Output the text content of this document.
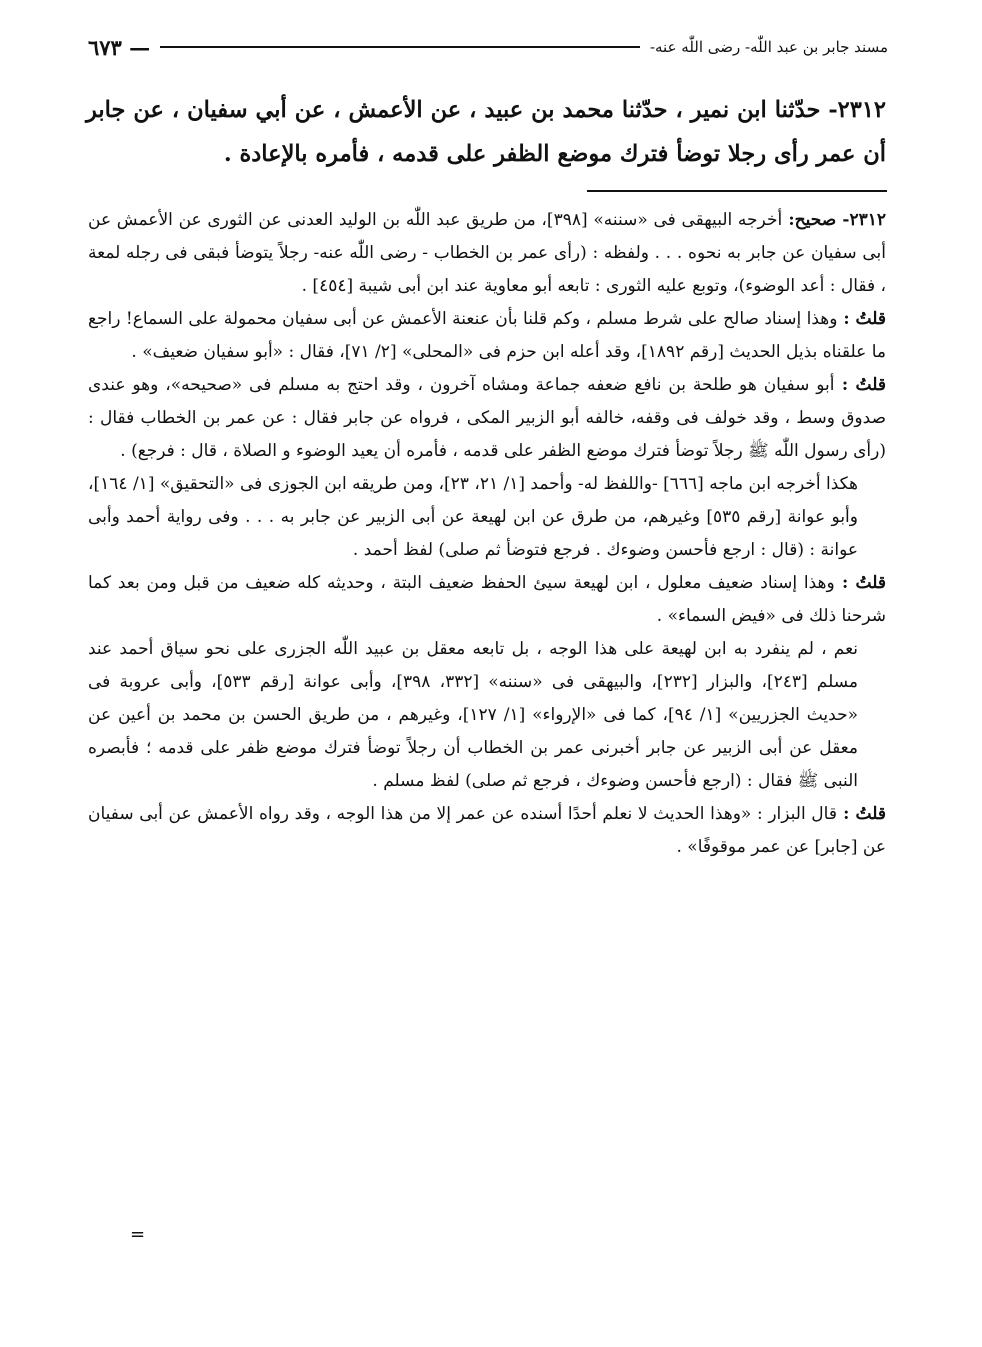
مسند جابر بن عبد اللّٰه- رضى اللّٰه عنه-
— ٦٧٣
٢٣١٢- حدّثنا ابن نمير ، حدّثنا محمد بن عبيد ، عن الأعمش ، عن أبي سفيان ، عن جابر أن عمر رأى رجلا توضأ فترك موضع الظفر على قدمه ، فأمره بالإعادة .

٢٣١٢- صحيح: أخرجه البيهقى فى «سننه» [٣٩٨]، من طريق عبد اللّٰه بن الوليد العدنى عن الثورى عن الأعمش عن أبى سفيان عن جابر به نحوه . . . ولفظه : (رأى عمر بن الخطاب - رضى اللّٰه عنه- رجلاً يتوضأ فبقى فى رجله لمعة ، فقال : أعد الوضوء)، وتوبع عليه الثورى : تابعه أبو معاوية عند ابن أبى شيبة [٤٥٤] .

قلتُ : وهذا إسناد صالح على شرط مسلم ، وكم قلنا بأن عنعنة الأعمش عن أبى سفيان محمولة على السماع! راجع ما علقناه بذيل الحديث [رقم ١٨٩٢]، وقد أعله ابن حزم فى «المحلى» [٢/ ٧١]، فقال : «أبو سفيان ضعيف» .

قلتُ : أبو سفيان هو طلحة بن نافع ضعفه جماعة ومشاه آخرون ، وقد احتج به مسلم فى «صحيحه»، وهو عندى صدوق وسط ، وقد خولف فى وقفه، خالفه أبو الزبير المكى ، فرواه عن جابر فقال : عن عمر بن الخطاب فقال : (رأى رسول اللّٰه ﷺ رجلاً توضأ فترك موضع الظفر على قدمه ، فأمره أن يعيد الوضوء و الصلاة ، قال : فرجع) .

هكذا أخرجه ابن ماجه [٦٦٦] -واللفظ له- وأحمد [١/ ٢١، ٢٣]، ومن طريقه ابن الجوزى فى «التحقيق» [١/ ١٦٤]، وأبو عوانة [رقم ٥٣٥] وغيرهم، من طرق عن ابن لهيعة عن أبى الزبير عن جابر به . . . وفى رواية أحمد وأبى عوانة : (قال : ارجع فأحسن وضوءك . فرجع فتوضأ ثم صلى) لفظ أحمد .

قلتُ : وهذا إسناد ضعيف معلول ، ابن لهيعة سيئ الحفظ ضعيف البتة ، وحديثه كله ضعيف من قبل ومن بعد كما شرحنا ذلك فى «فيض السماء» .

نعم ، لم ينفرد به ابن لهيعة على هذا الوجه ، بل تابعه معقل بن عبيد اللّٰه الجزرى على نحو سياق أحمد عند مسلم [٢٤٣]، والبزار [٢٣٢]، والبيهقى فى «سننه» [٣٣٢، ٣٩٨]، وأبى عوانة [رقم ٥٣٣]، وأبى عروبة فى «حديث الجزريين» [١/ ٩٤]، كما فى «الإرواء» [١/ ١٢٧]، وغيرهم ، من طريق الحسن بن محمد بن أعين عن معقل عن أبى الزبير عن جابر أخبرنى عمر بن الخطاب أن رجلاً توضأ فترك موضع ظفر على قدمه ؛ فأبصره النبى ﷺ فقال : (ارجع فأحسن وضوءك ، فرجع ثم صلى) لفظ مسلم .

قلتُ : قال البزار : «وهذا الحديث لا نعلم أحدًا أسنده عن عمر إلا من هذا الوجه ، وقد رواه الأعمش عن أبى سفيان عن [جابر] عن عمر موقوفًا» .

=
